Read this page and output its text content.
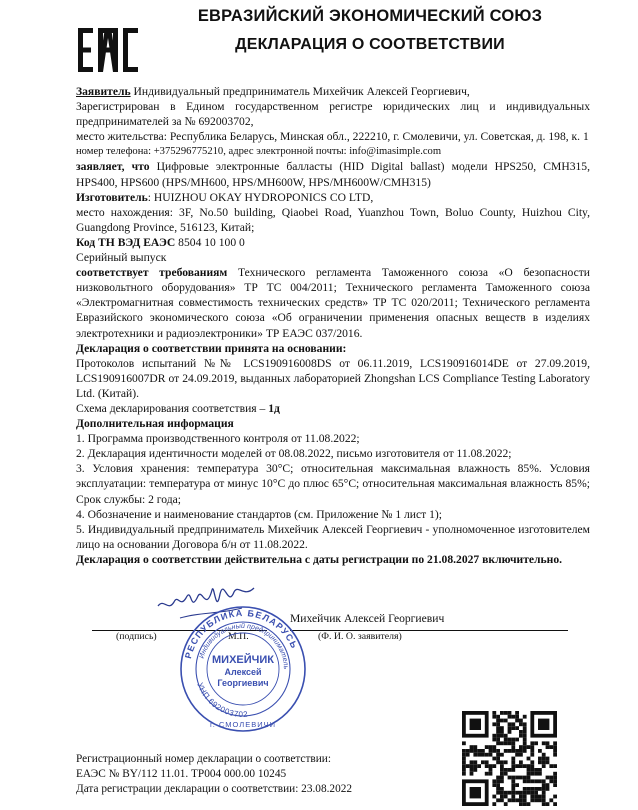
ЕВРАЗИЙСКИЙ ЭКОНОМИЧЕСКИЙ СОЮЗ
ДЕКЛАРАЦИЯ О СООТВЕТСТВИИ

Заявитель Индивидуальный предприниматель Михейчик Алексей Георгиевич,

Зарегистрирован в Едином государственном регистре юридических лиц и индивидуальных предпринимателей за № 692003702,

место жительства: Республика Беларусь, Минская обл., 222210, г. Смолевичи, ул. Советская, д. 198, к. 1

номер телефона: +375296775210, адрес электронной почты: info@imasimple.com

заявляет, что Цифровые электронные балласты (HID Digital ballast) модели HPS250, CMH315, HPS400, HPS600 (HPS/MH600, HPS/MH600W, HPS/MH600W/CMH315)

Изготовитель: HUIZHOU OKAY HYDROPONICS CO LTD,

место нахождения: 3F, No.50 building, Qiaobei Road, Yuanzhou Town, Boluo County, Huizhou City, Guangdong Province, 516123, Китай;

Код ТН ВЭД ЕАЭС 8504 10 100 0

Серийный выпуск

соответствует требованиям Технического регламента Таможенного союза «О безопасности низковольтного оборудования» ТР ТС 004/2011; Технического регламента Таможенного союза «Электромагнитная совместимость технических средств» ТР ТС 020/2011; Технического регламента Евразийского экономического союза «Об ограничении применения опасных веществ в изделиях электротехники и радиоэлектроники» ТР ЕАЭС 037/2016.

Декларация о соответствии принята на основании:

Протоколов испытаний №№ LCS190916008DS от 06.11.2019, LCS190916014DE от 27.09.2019, LCS190916007DR от 24.09.2019, выданных лабораторией Zhongshan LCS Compliance Testing Laboratory Ltd. (Китай).

Схема декларирования соответствия – 1д

Дополнительная информация

1. Программа производственного контроля от 11.08.2022;

2. Декларация идентичности моделей от 08.08.2022, письмо изготовителя от 11.08.2022;

3. Условия хранения: температура 30°С; относительная максимальная влажность 85%. Условия эксплуатации: температура от минус 10°С до плюс 65°С; относительная максимальная влажность 85%; Срок службы: 2 года;

4. Обозначение и наименование стандартов (см. Приложение № 1 лист 1);

5. Индивидуальный предприниматель Михейчик Алексей Георгиевич - уполномоченное изготовителем лицо на основании Договора б/н от 11.08.2022.

Декларация о соответствии действительна с даты регистрации по 21.08.2027 включительно.

Михейчик Алексей Георгиевич
(подпись)	М.П.	(Ф. И. О. заявителя)
РЕСПУБЛИКА БЕЛАРУСЬ
Индивидуальный предприниматель
УНП 692003702
МИХЕЙЧИК
Алексей
Георгиевич
г. СМОЛЕВИЧИ
Регистрационный номер декларации о соответствии:
ЕАЭС № BY/112 11.01. ТР004 000.00 10245
Дата регистрации декларации о соответствии: 23.08.2022
